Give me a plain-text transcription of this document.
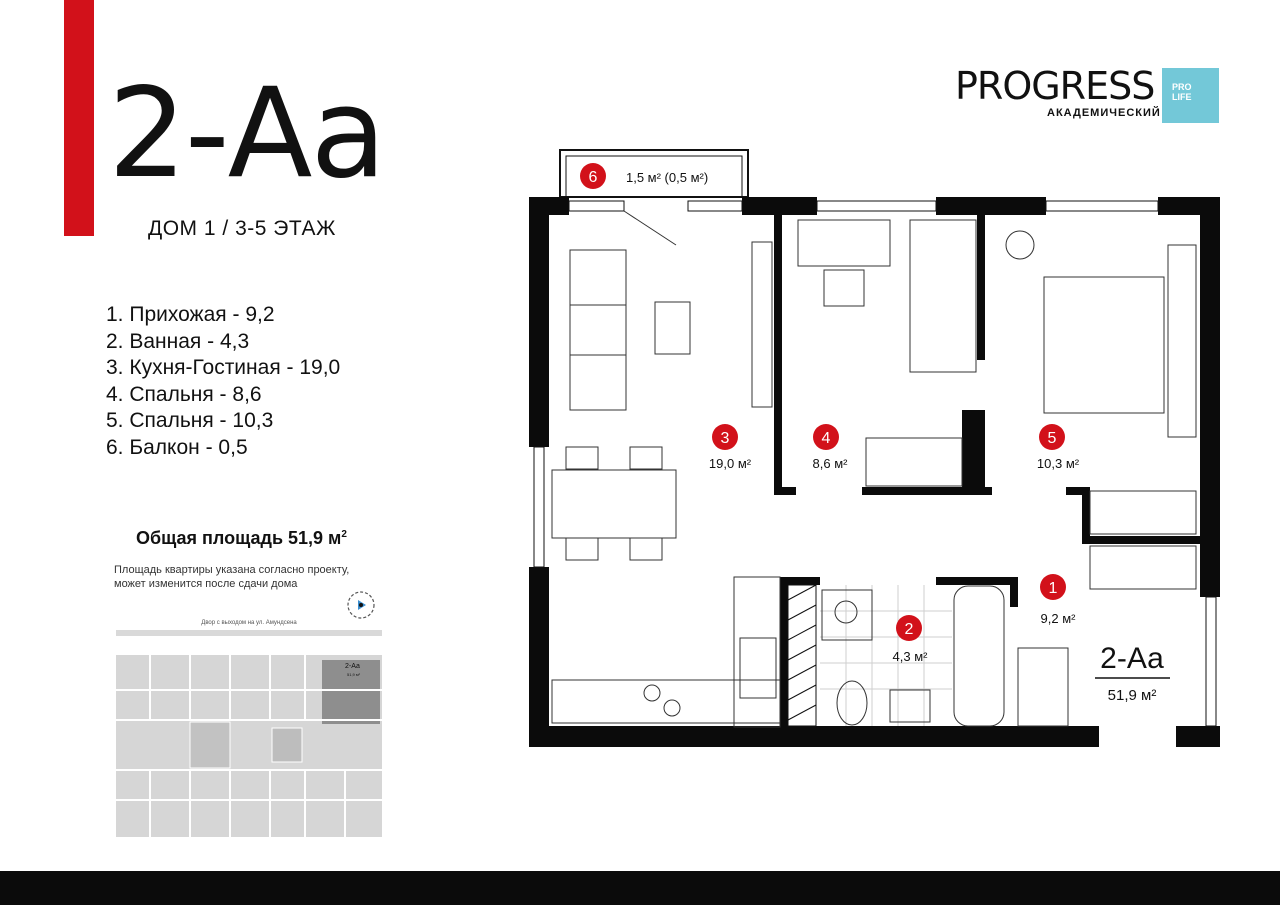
2-Аа
ДОМ 1 / 3-5 ЭТАЖ
1. Прихожая - 9,2
2. Ванная - 4,3
3. Кухня-Гостиная - 19,0
4. Спальня - 8,6
5. Спальня - 10,3
6. Балкон - 0,5
Общая площадь 51,9 $м^2$
Площадь квартиры указана согласно проекту,
может изменится после сдачи дома
PROGRESS
АКАДЕМИЧЕСКИЙ
PRO
LIFE
1
9,2 м²
2
4,3 м²
3
19,0 м²
4
8,6 м²
5
10,3 м²
6 1,5 м² (0,5 м²)
2-Аа
51,9 м²
Двор с выходом на ул. Амундсена
2-Аа
51,9 м²
